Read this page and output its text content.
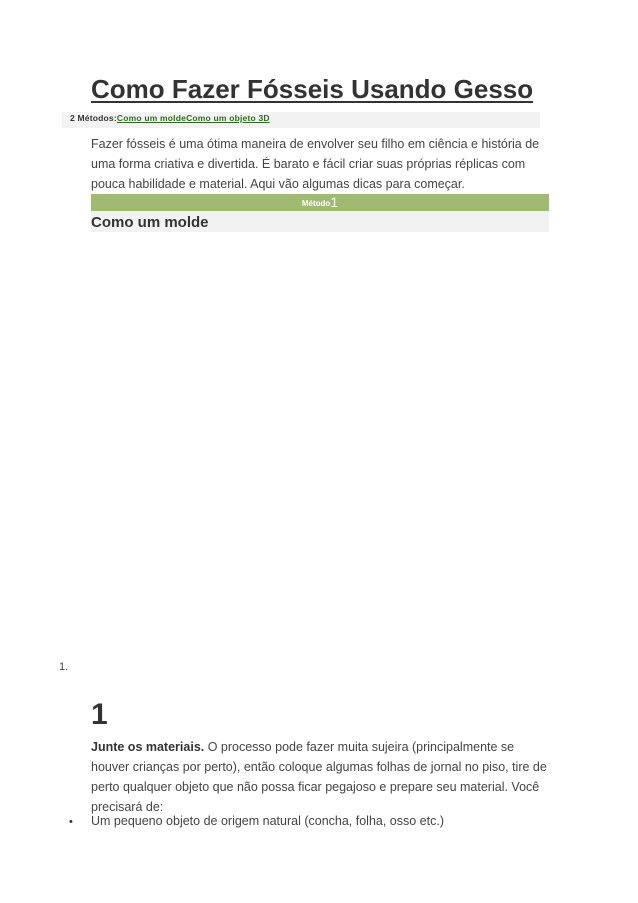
Como Fazer Fósseis Usando Gesso
2 Métodos:Como um moldeComo um objeto 3D

Fazer fósseis é uma ótima maneira de envolver seu filho em ciência e história de uma forma criativa e divertida. É barato e fácil criar suas próprias réplicas com pouca habilidade e material. Aqui vão algumas dicas para começar.

Método1
Como um molde
1.
1

Junte os materiais. O processo pode fazer muita sujeira (principalmente se houver crianças por perto), então coloque algumas folhas de jornal no piso, tire de perto qualquer objeto que não possa ficar pegajoso e prepare seu material. Você precisará de:

• Um pequeno objeto de origem natural (concha, folha, osso etc.)
